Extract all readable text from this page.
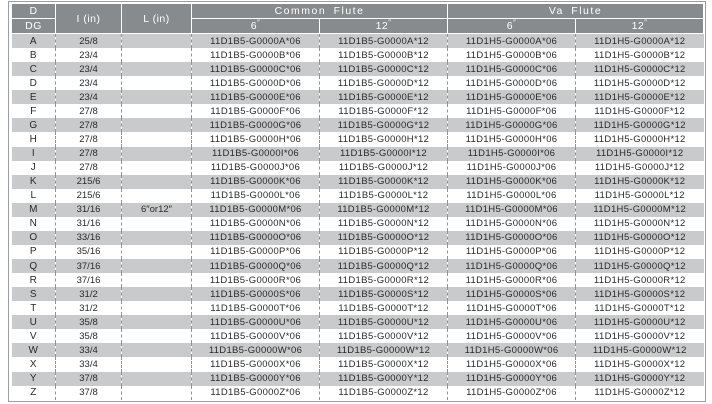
D	I (in)	L (in)	Common Flute		Va Flute	
DG			6″	12″	6″	12″
A	25/8		11D1B5-G0000A*06	11D1B5-G0000A*12	11D1H5-G0000A*06	11D1H5-G0000A*12
B	23/4		11D1B5-G0000B*06	11D1B5-G0000B*12	11D1H5-G0000B*06	11D1H5-G0000B*12
C	23/4		11D1B5-G0000C*06	11D1B5-G0000C*12	11D1H5-G0000C*06	11D1H5-G0000C*12
D	23/4		11D1B5-G0000D*06	11D1B5-G0000D*12	11D1H5-G0000D*06	11D1H5-G0000D*12
E	23/4		11D1B5-G0000E*06	11D1B5-G0000E*12	11D1H5-G0000E*06	11D1H5-G0000E*12
F	27/8		11D1B5-G0000F*06	11D1B5-G0000F*12	11D1H5-G0000F*06	11D1H5-G0000F*12
G	27/8		11D1B5-G0000G*06	11D1B5-G0000G*12	11D1H5-G0000G*06	11D1H5-G0000G*12
H	27/8		11D1B5-G0000H*06	11D1B5-G0000H*12	11D1H5-G0000H*06	11D1H5-G0000H*12
I	27/8		11D1B5-G0000I*06	11D1B5-G0000I*12	11D1H5-G0000I*06	11D1H5-G0000I*12
J	27/8		11D1B5-G0000J*06	11D1B5-G0000J*12	11D1H5-G0000J*06	11D1H5-G0000J*12
K	215/6		11D1B5-G0000K*06	11D1B5-G0000K*12	11D1H5-G0000K*06	11D1H5-G0000K*12
L	215/6		11D1B5-G0000L*06	11D1B5-G0000L*12	11D1H5-G0000L*06	11D1H5-G0000L*12
M	31/16	6″or12″	11D1B5-G0000M*06	11D1B5-G0000M*12	11D1H5-G0000M*06	11D1H5-G0000M*12
N	31/16		11D1B5-G0000N*06	11D1B5-G0000N*12	11D1H5-G0000N*06	11D1H5-G0000N*12
O	33/16		11D1B5-G0000O*06	11D1B5-G0000O*12	11D1H5-G0000O*06	11D1H5-G0000O*12
P	35/16		11D1B5-G0000P*06	11D1B5-G0000P*12	11D1H5-G0000P*06	11D1H5-G0000P*12
Q	37/16		11D1B5-G0000Q*06	11D1B5-G0000Q*12	11D1H5-G0000Q*06	11D1H5-G0000Q*12
R	37/16		11D1B5-G0000R*06	11D1B5-G0000R*12	11D1H5-G0000R*06	11D1H5-G0000R*12
S	31/2		11D1B5-G0000S*06	11D1B5-G0000S*12	11D1H5-G0000S*06	11D1H5-G0000S*12
T	31/2		11D1B5-G0000T*06	11D1B5-G0000T*12	11D1H5-G0000T*06	11D1H5-G0000T*12
U	35/8		11D1B5-G0000U*06	11D1B5-G0000U*12	11D1H5-G0000U*06	11D1H5-G0000U*12
V	35/8		11D1B5-G0000V*06	11D1B5-G0000V*12	11D1H5-G0000V*06	11D1H5-G0000V*12
W	33/4		11D1B5-G0000W*06	11D1B5-G0000W*12	11D1H5-G0000W*06	11D1H5-G0000W*12
X	33/4		11D1B5-G0000X*06	11D1B5-G0000X*12	11D1H5-G0000X*06	11D1H5-G0000X*12
Y	37/8		11D1B5-G0000Y*06	11D1B5-G0000Y*12	11D1H5-G0000Y*06	11D1H5-G0000Y*12
Z	37/8		11D1B5-G0000Z*06	11D1B5-G0000Z*12	11D1H5-G0000Z*06	11D1H5-G0000Z*12
